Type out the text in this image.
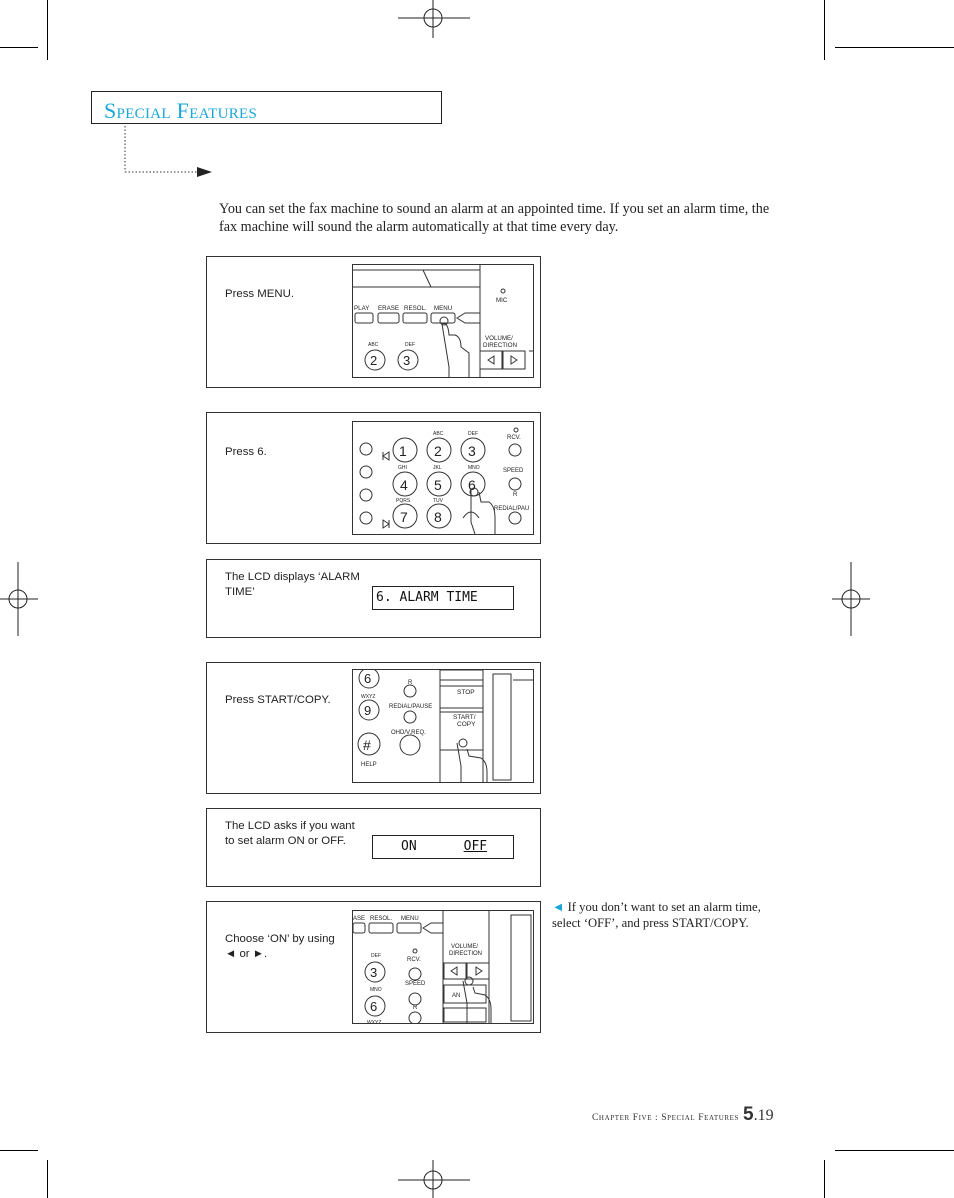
SPECIAL FEATURES
You can set the fax machine to sound an alarm at an appointed time. If you set an alarm time, the fax machine will sound the alarm automatically at that time every day.
Press MENU.
PLAY ERASE RESOL. MENU
MIC
VOLUME/
DIRECTION
ABC	DEF
2 3
Press 6.	1 2 3
4 5 6
7 8
ABC	DEF
GHI	JKL	MNO
PQRS	TUV
RCV.
SPEED
R
REDIAL/PAU
The LCD displays ‘ALARM TIME’	6. ALARM TIME
Press START/COPY.
6
9
WXYZ
R
REDIAL/PAUSE
OHD/V.REQ.
HELP
STOP
START/
COPY
#
The LCD asks if you want to set alarm ON or OFF.	ON	OFF
Choose ‘ON’ by using ◄ or ►.
ASE RESOL. MENU
DEF
MNO
WXYZ
3
6
RCV.
SPEED
R
VOLUME/
DIRECTION
AN
◄ If you don’t want to set an alarm time, select ‘OFF’, and press START/COPY.
Chapter Five : Special Features 5.19
